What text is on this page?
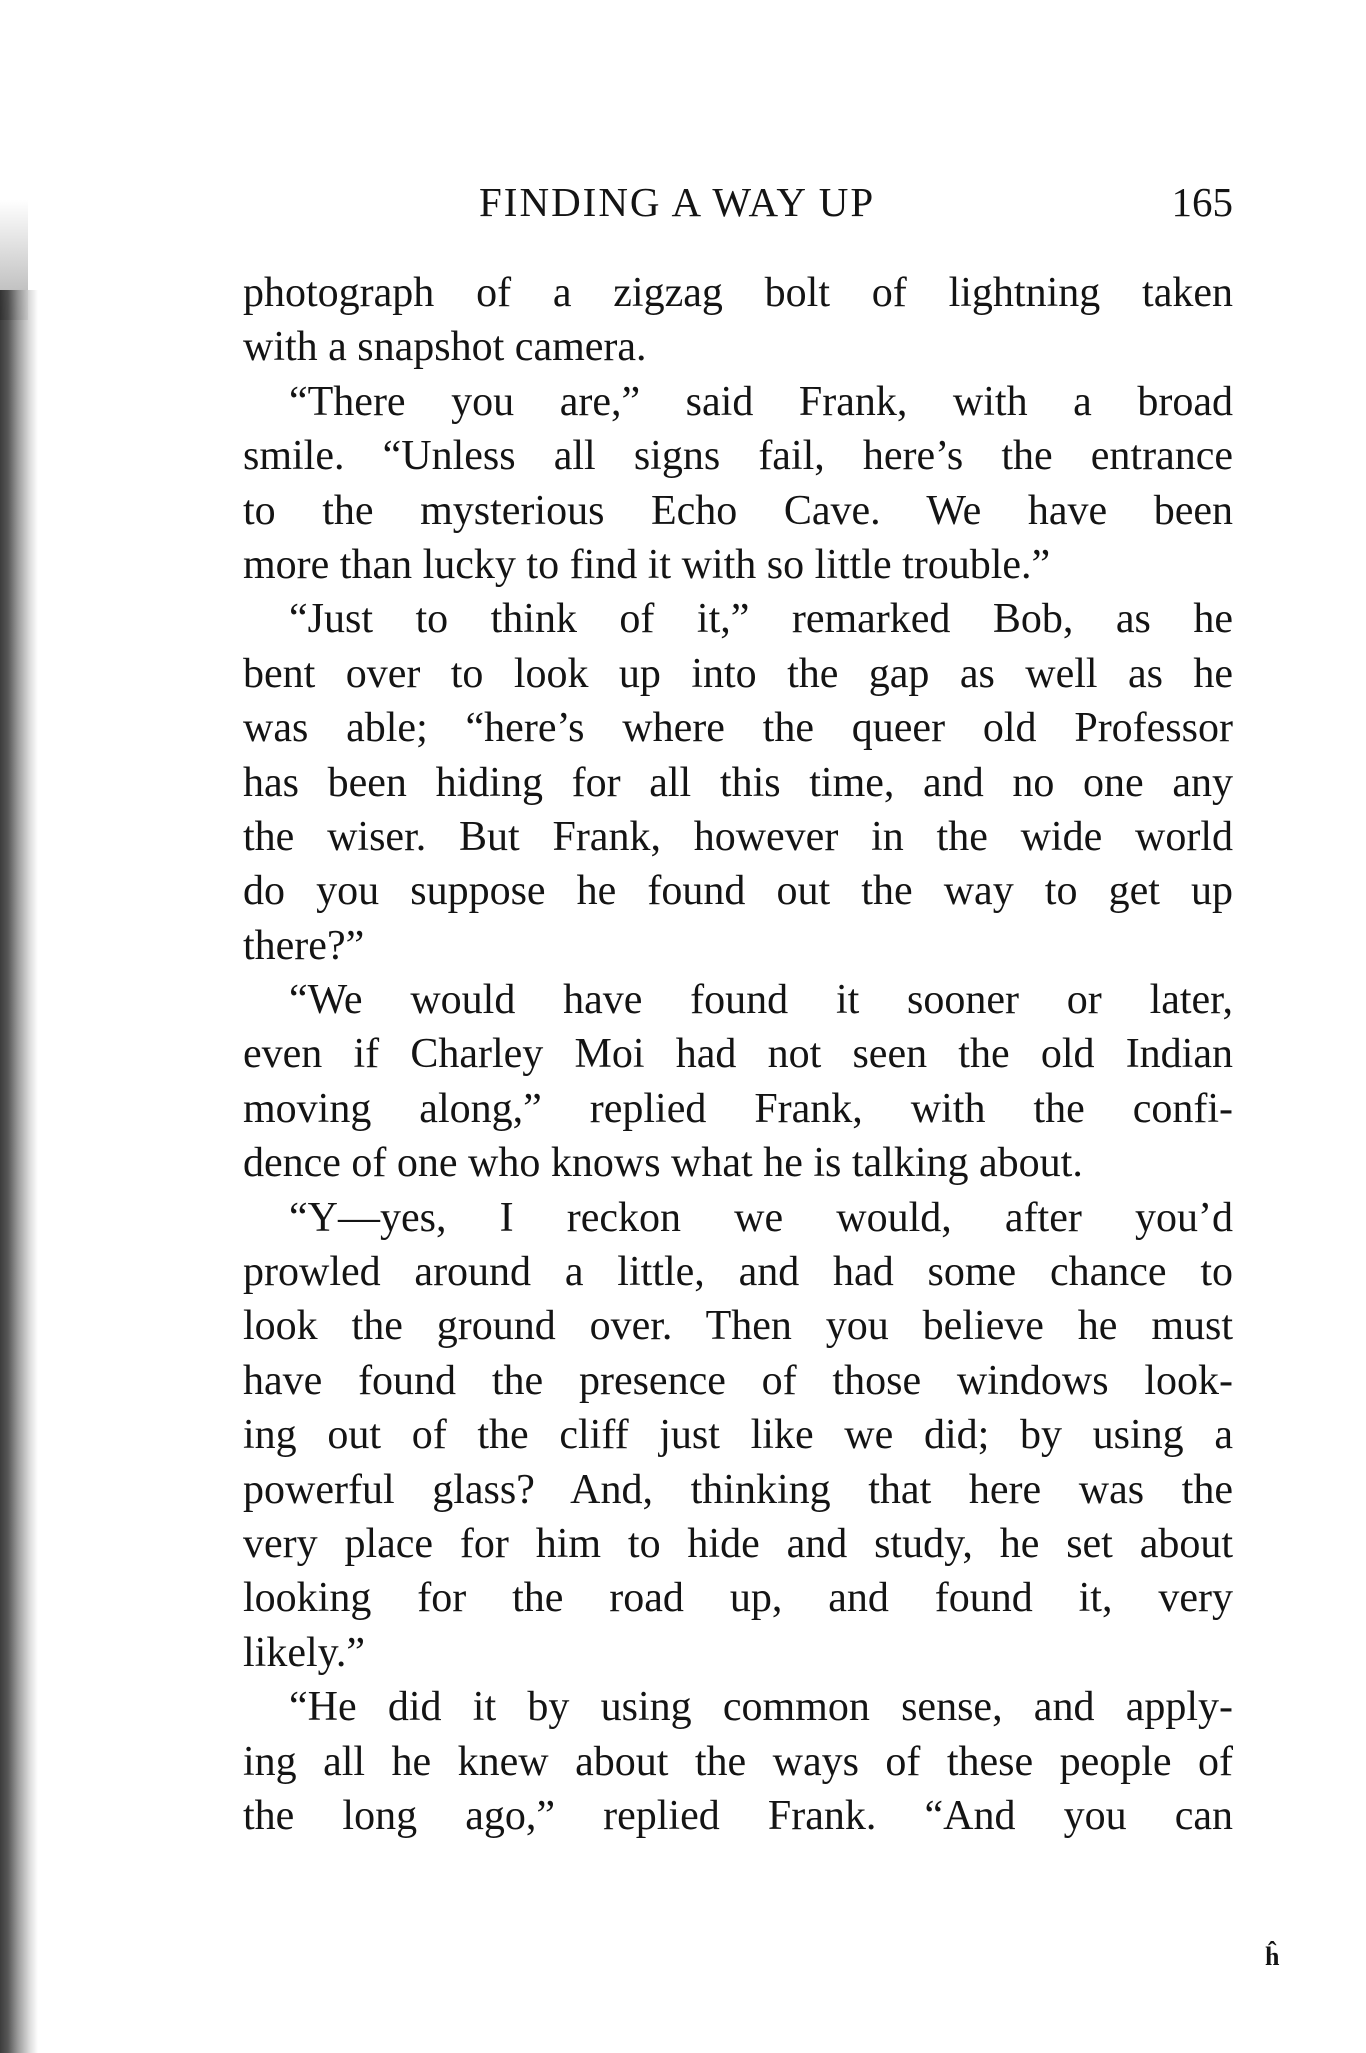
FINDING A WAY UP	165
photograph of a zigzag bolt of lightning taken
with a snapshot camera.
“There you are,” said Frank, with a broad
smile. “Unless all signs fail, here’s the entrance
to the mysterious Echo Cave. We have been
more than lucky to find it with so little trouble.”
“Just to think of it,” remarked Bob, as he
bent over to look up into the gap as well as he
was able; “here’s where the queer old Professor
has been hiding for all this time, and no one any
the wiser. But Frank, however in the wide world
do you suppose he found out the way to get up
there?”
“We would have found it sooner or later,
even if Charley Moi had not seen the old Indian
moving along,” replied Frank, with the confi-
dence of one who knows what he is talking about.
“Y—yes, I reckon we would, after you’d
prowled around a little, and had some chance to
look the ground over. Then you believe he must
have found the presence of those windows look-
ing out of the cliff just like we did; by using a
powerful glass? And, thinking that here was the
very place for him to hide and study, he set about
looking for the road up, and found it, very
likely.”
“He did it by using common sense, and apply-
ing all he knew about the ways of these people of
the long ago,” replied Frank. “And you can
ĥ
